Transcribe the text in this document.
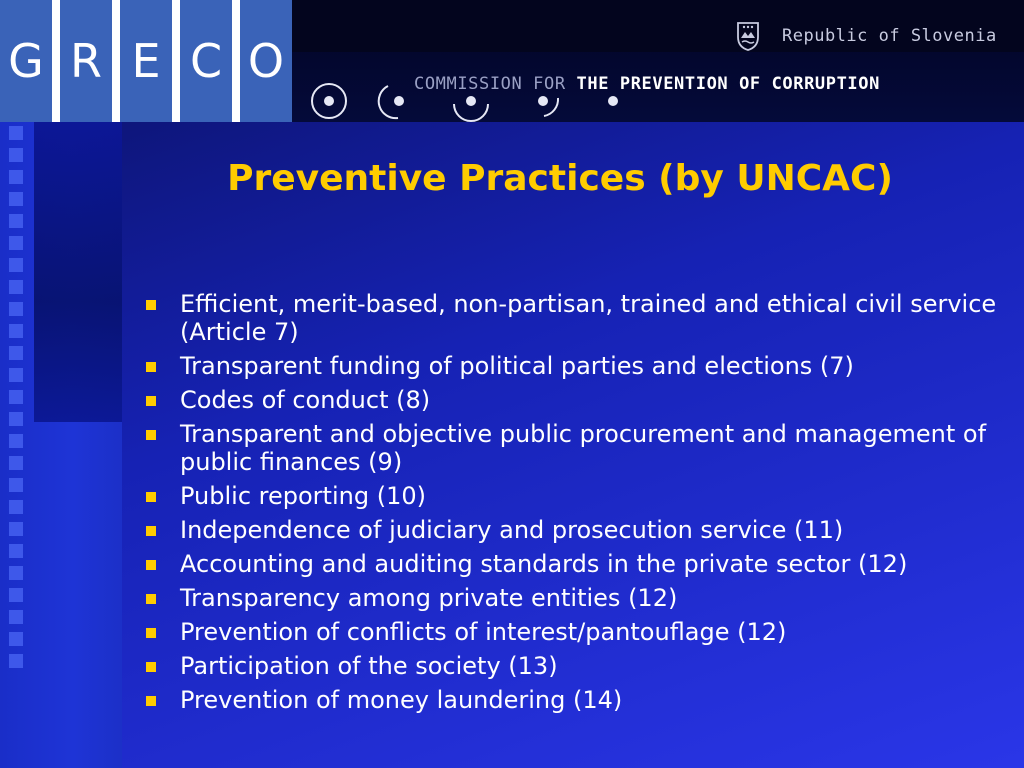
G R E C O	Republic of Slovenia
COMMISSION FOR THE PREVENTION OF CORRUPTION
Preventive Practices (by UNCAC)
Efficient, merit-based, non-partisan, trained and ethical civil service (Article 7)
Transparent funding of political parties and elections (7)
Codes of conduct (8)
Transparent and objective public procurement and management of public finances (9)
Public reporting (10)
Independence of judiciary and prosecution service (11)
Accounting and auditing standards in the private sector (12)
Transparency among private entities (12)
Prevention of conflicts of interest/pantouflage (12)
Participation of the society (13)
Prevention of money laundering (14)
